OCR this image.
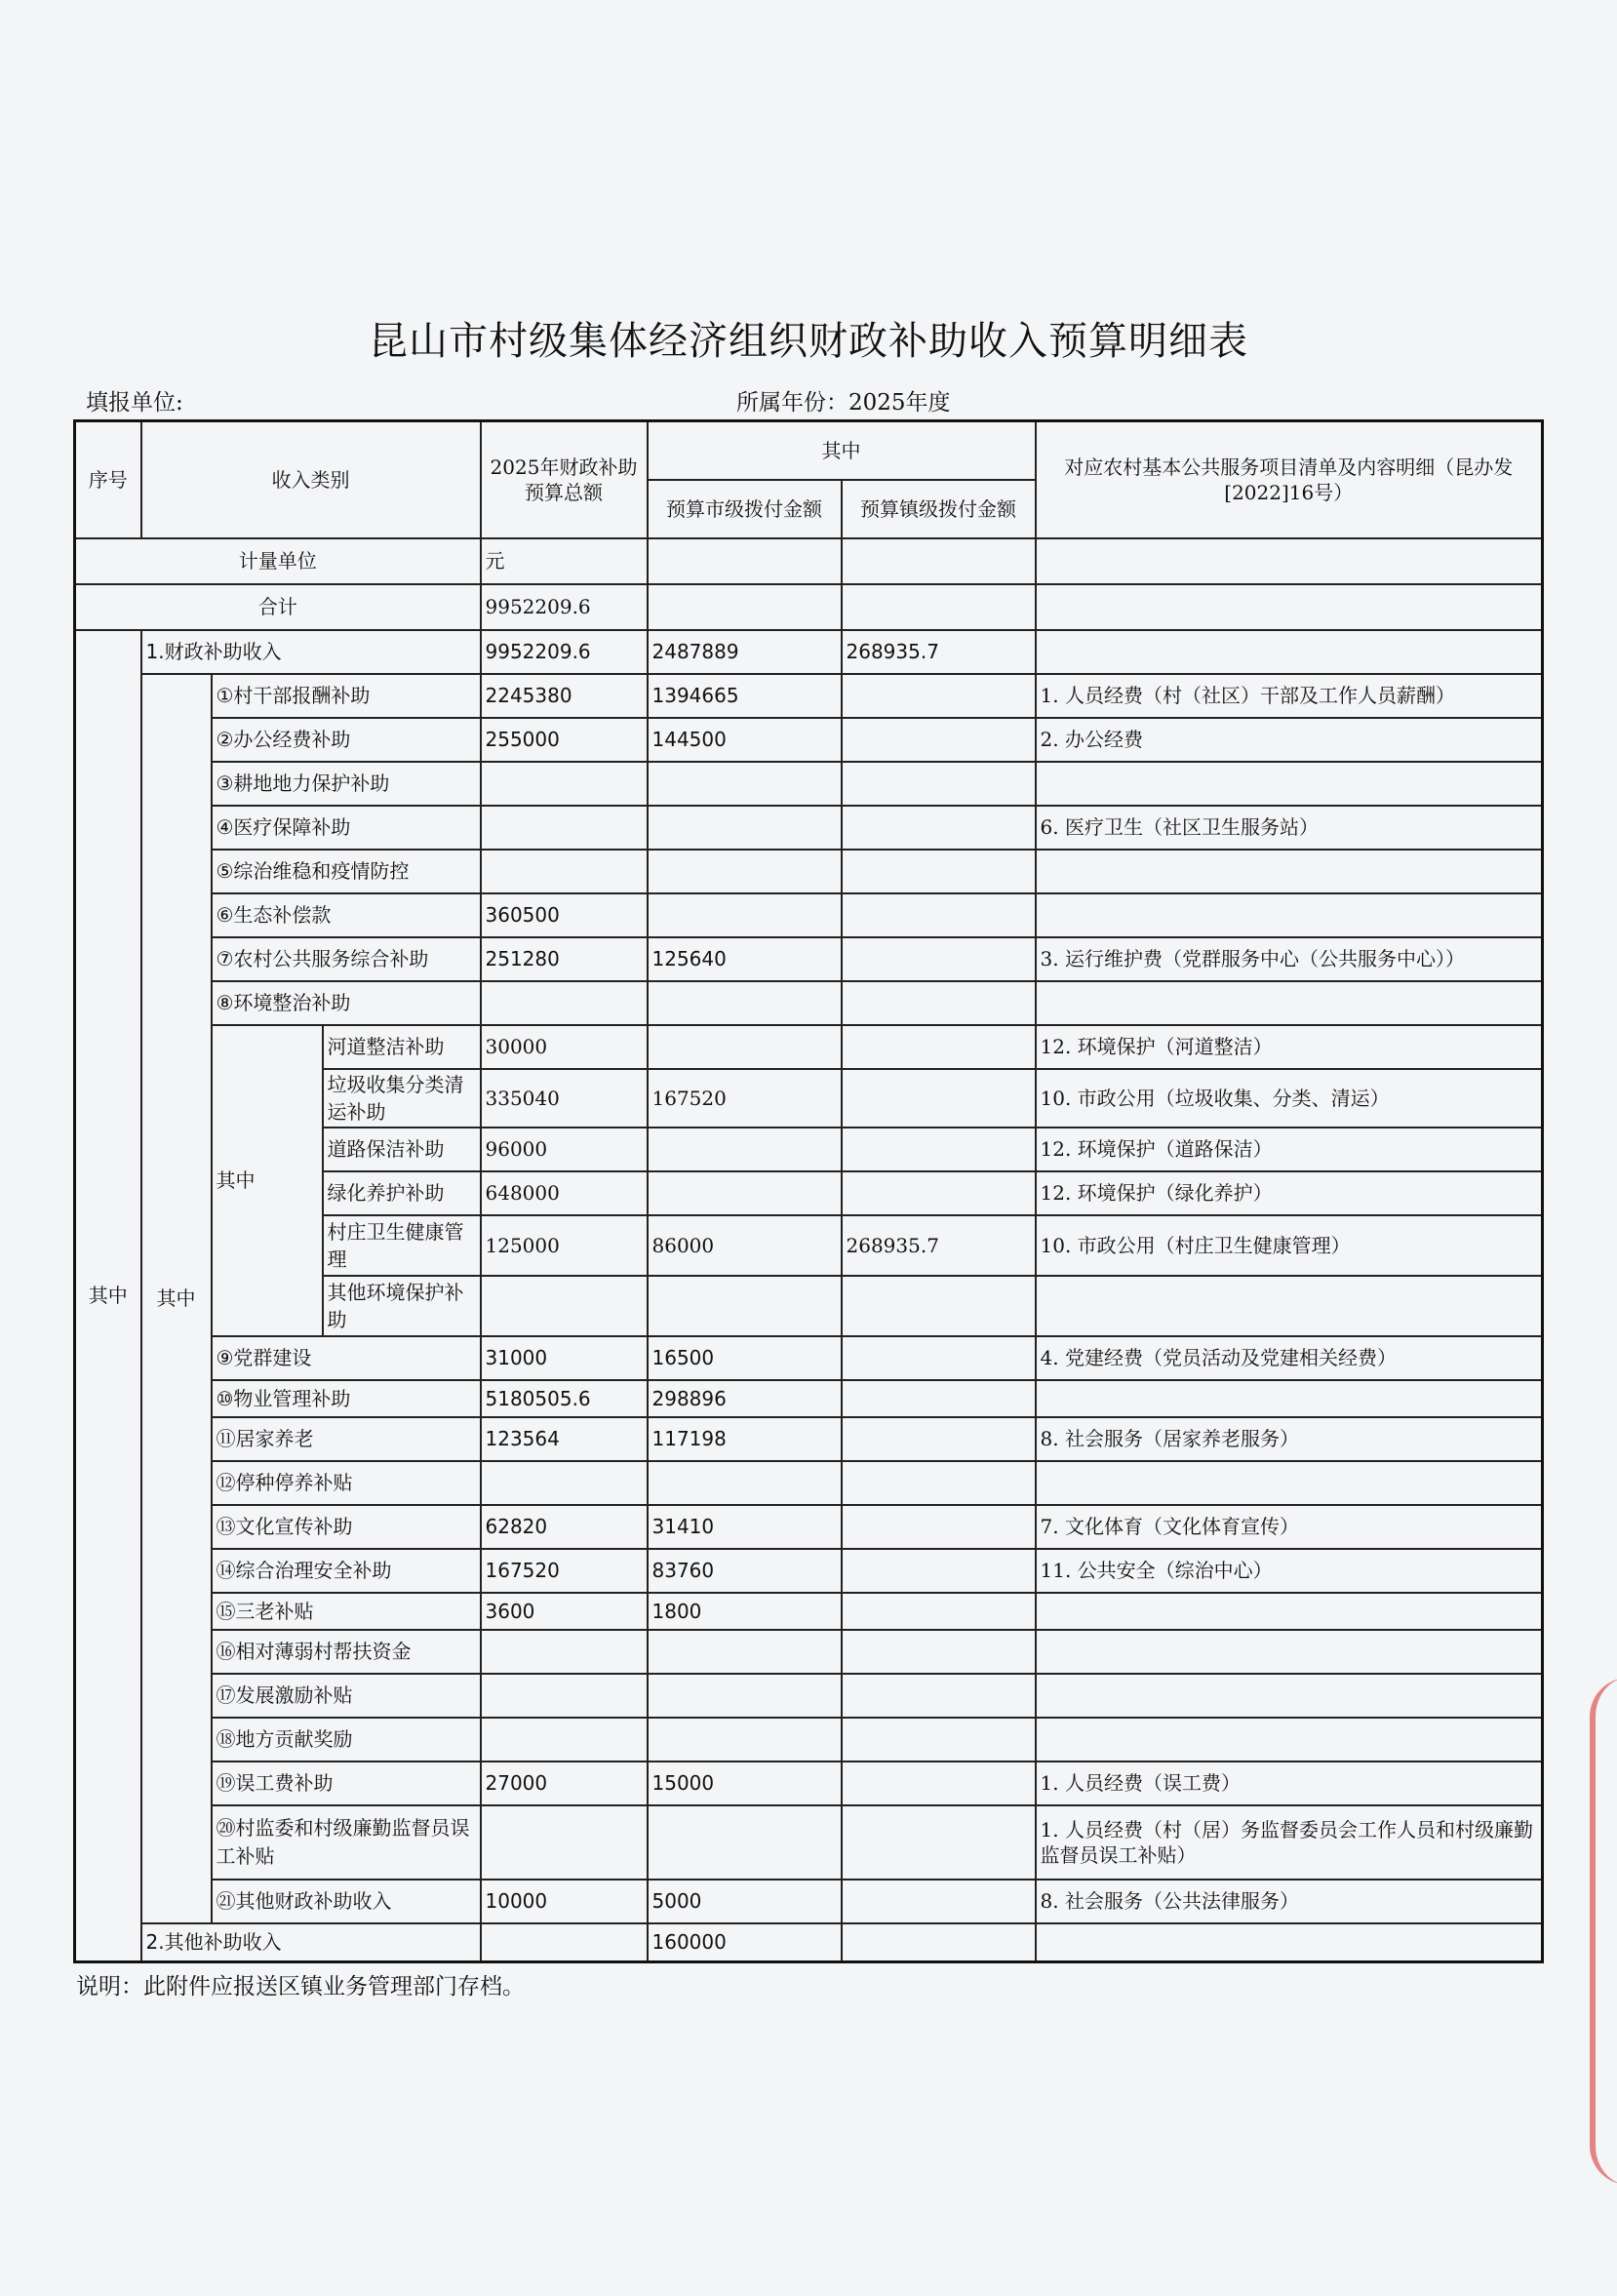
昆山市村级集体经济组织财政补助收入预算明细表
填报单位:	所属年份：2025年度
序号	收入类别			2025年财政补助预算总额	其中		对应农村基本公共服务项目清单及内容明细（昆办发[2022]16号）
					预算市级拨付金额	预算镇级拨付金额	
计量单位				元			
合计				9952209.6			
其中	1.财政补助收入			9952209.6	2487889	268935.7	
	其中	①村干部报酬补助		2245380	1394665		1. 人员经费（村（社区）干部及工作人员薪酬）
		②办公经费补助		255000	144500		2. 办公经费
		③耕地地力保护补助					
		④医疗保障补助					6. 医疗卫生（社区卫生服务站）
		⑤综治维稳和疫情防控					
		⑥生态补偿款		360500			
		⑦农村公共服务综合补助		251280	125640		3. 运行维护费（党群服务中心（公共服务中心））
		⑧环境整治补助					
		其中	河道整洁补助	30000			12. 环境保护（河道整洁）
			垃圾收集分类清运补助	335040	167520		10. 市政公用（垃圾收集、分类、清运）
			道路保洁补助	96000			12. 环境保护（道路保洁）
			绿化养护补助	648000			12. 环境保护（绿化养护）
			村庄卫生健康管理	125000	86000	268935.7	10. 市政公用（村庄卫生健康管理）
			其他环境保护补助				
		⑨党群建设		31000	16500		4. 党建经费（党员活动及党建相关经费）
		⑩物业管理补助		5180505.6	298896		
		⑪居家养老		123564	117198		8. 社会服务（居家养老服务）
		⑫停种停养补贴					
		⑬文化宣传补助		62820	31410		7. 文化体育（文化体育宣传）
		⑭综合治理安全补助		167520	83760		11. 公共安全（综治中心）
		⑮三老补贴		3600	1800		
		⑯相对薄弱村帮扶资金					
		⑰发展激励补贴					
		⑱地方贡献奖励					
		⑲误工费补助		27000	15000		1. 人员经费（误工费）
		⑳村监委和村级廉勤监督员误工补贴					1. 人员经费（村（居）务监督委员会工作人员和村级廉勤监督员误工补贴）
		㉑其他财政补助收入		10000	5000		8. 社会服务（公共法律服务）
	2.其他补助收入				160000		
说明：此附件应报送区镇业务管理部门存档。
